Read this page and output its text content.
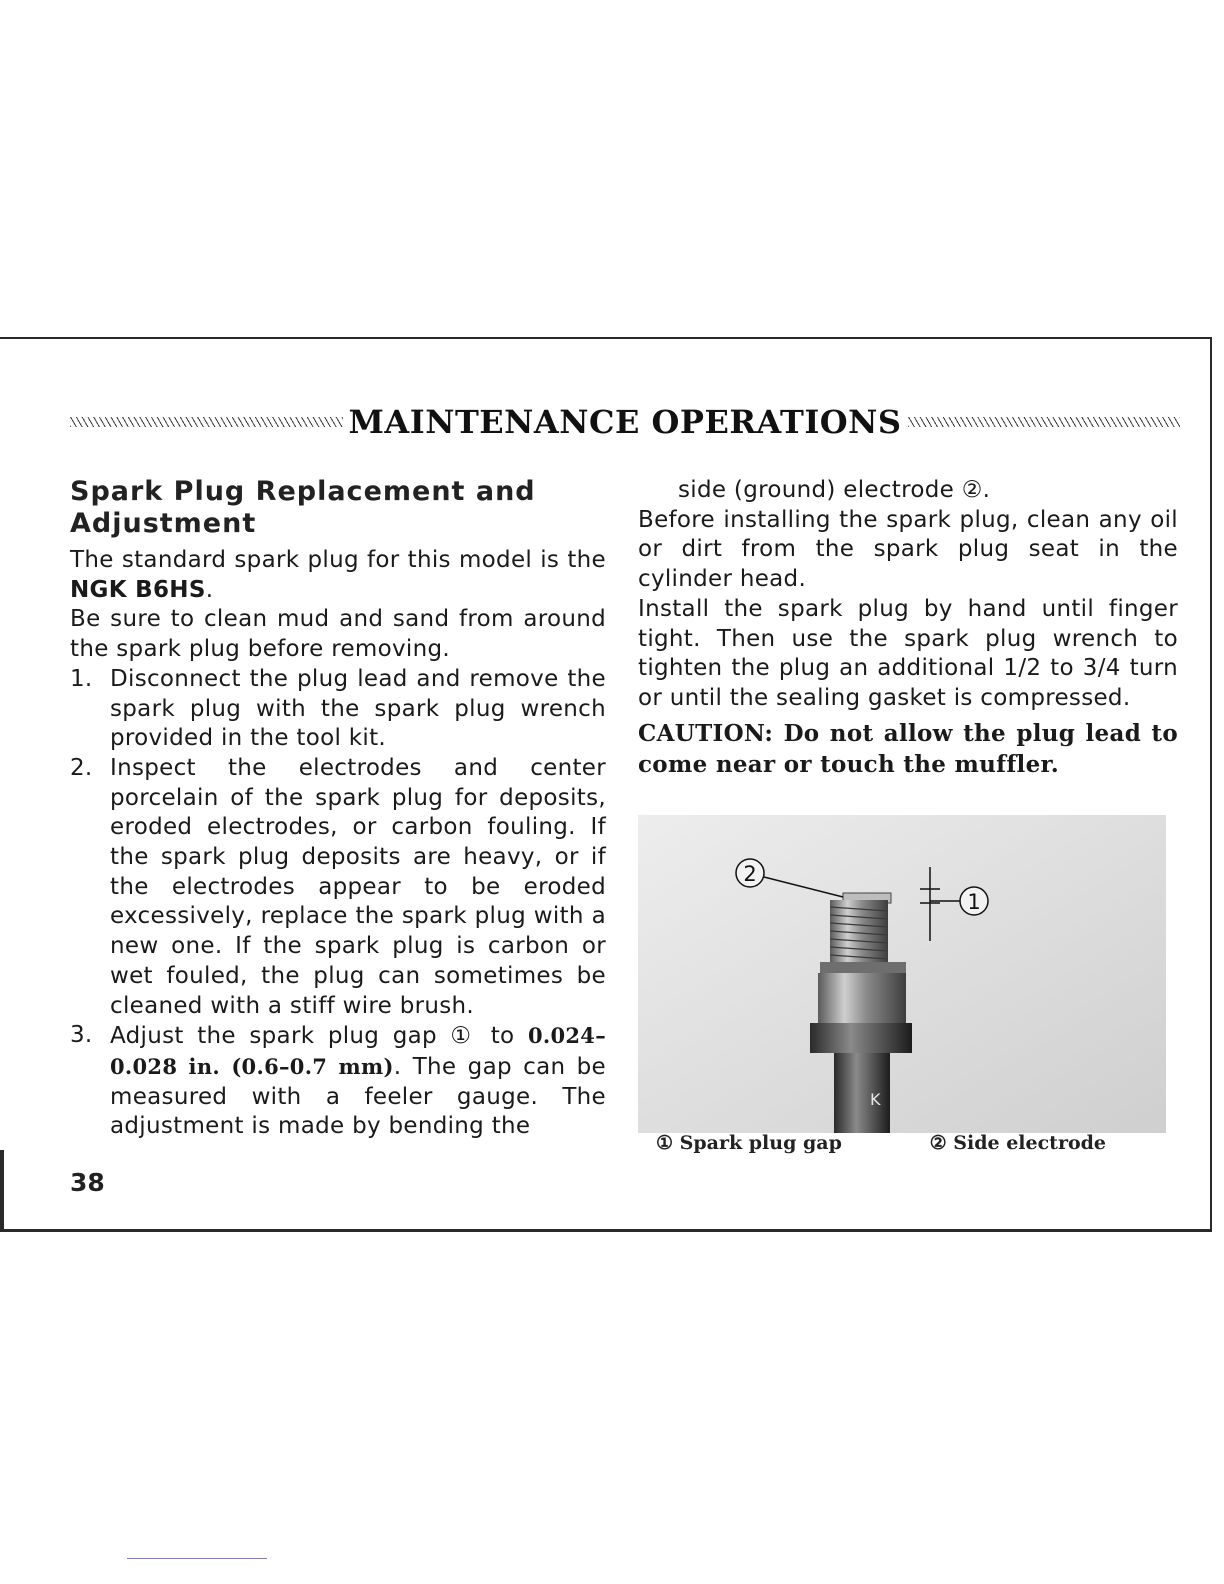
MAINTENANCE OPERATIONS
Spark Plug Replacement and
Adjustment

The standard spark plug for this model is the NGK B6HS.

Be sure to clean mud and sand from around the spark plug before removing.

1. Disconnect the plug lead and remove the spark plug with the spark plug wrench provided in the tool kit.
2. Inspect the electrodes and center porcelain of the spark plug for deposits, eroded electrodes, or carbon fouling. If the spark plug deposits are heavy, or if the electrodes appear to be eroded excessively, replace the spark plug with a new one. If the spark plug is carbon or wet fouled, the plug can sometimes be cleaned with a stiff wire brush.
3. Adjust the spark plug gap ① to 0.024–0.028 in. (0.6–0.7 mm). The gap can be measured with a feeler gauge. The adjustment is made by bending the

side (ground) electrode ②.

Before installing the spark plug, clean any oil or dirt from the spark plug seat in the cylinder head.

Install the spark plug by hand until finger tight. Then use the spark plug wrench to tighten the plug an additional 1/2 to 3/4 turn or until the sealing gasket is compressed.

CAUTION: Do not allow the plug lead to come near or touch the muffler.

K
1
2
① Spark plug gap	② Side electrode
38
